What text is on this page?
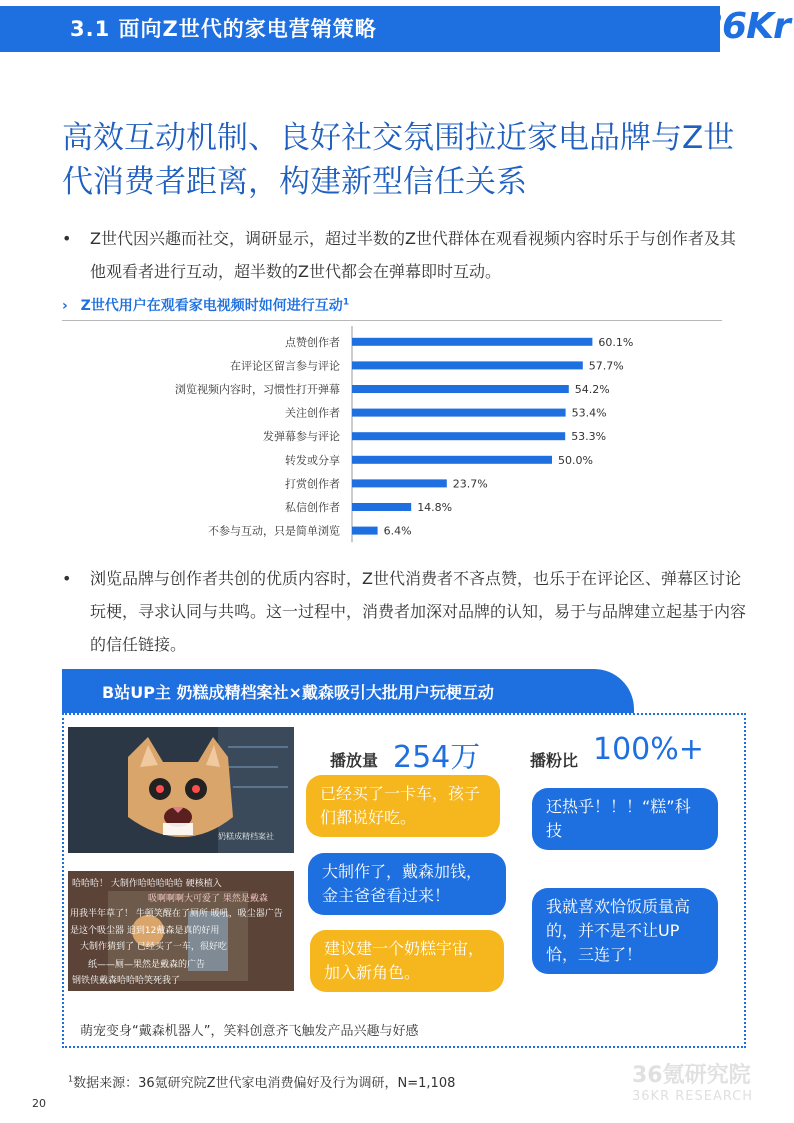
3.1 面向Z世代的家电营销策略	36Kr
高效互动机制、良好社交氛围拉近家电品牌与Z世代消费者距离，构建新型信任关系
• Z世代因兴趣而社交，调研显示，超过半数的Z世代群体在观看视频内容时乐于与创作者及其他观看者进行互动，超半数的Z世代都会在弹幕即时互动。
› Z世代用户在观看家电视频时如何进行互动$^1$
点赞创作者	60.1%
在评论区留言参与评论	57.7%
浏览视频内容时，习惯性打开弹幕	54.2%
关注创作者	53.4%
发弹幕参与评论	53.3%
转发或分享	50.0%
打赏创作者	23.7%
私信创作者	14.8%
不参与互动，只是简单浏览	6.4%
• 浏览品牌与创作者共创的优质内容时，Z世代消费者不吝点赞，也乐于在评论区、弹幕区讨论玩梗，寻求认同与共鸣。这一过程中，消费者加深对品牌的认知，易于与品牌建立起基于内容的信任链接。
B站UP主 奶糕成精档案社×戴森吸引大批用户玩梗互动
奶糕成精档案社
哈哈哈！ 大制作哈哈哈哈哈 硬核植入
吸啊啊啊大可爱了 果然是戴森
用我半年草了！ 牛顿笑醒在了厕所 暖吼，吸尘器广告
是这个吸尘器 追到12戴森是真的好用
大制作猜到了 已经买了一车，很好吃
纸——厕—果然是戴森的广告
钢铁侠戴森哈哈哈笑死我了
播放量 254万	播粉比 100%+
已经买了一卡车，孩子们都说好吃。
大制作了，戴森加钱，金主爸爸看过来！
建议建一个奶糕宇宙，加入新角色。
还热乎！！！“糕”科技
我就喜欢恰饭质量高的，并不是不让UP恰，三连了！
萌宠变身“戴森机器人”，笑料创意齐飞触发产品兴趣与好感
$^1$数据来源：36氪研究院Z世代家电消费偏好及行为调研，N=1,108	36氪研究院
36KR RESEARCH
20
